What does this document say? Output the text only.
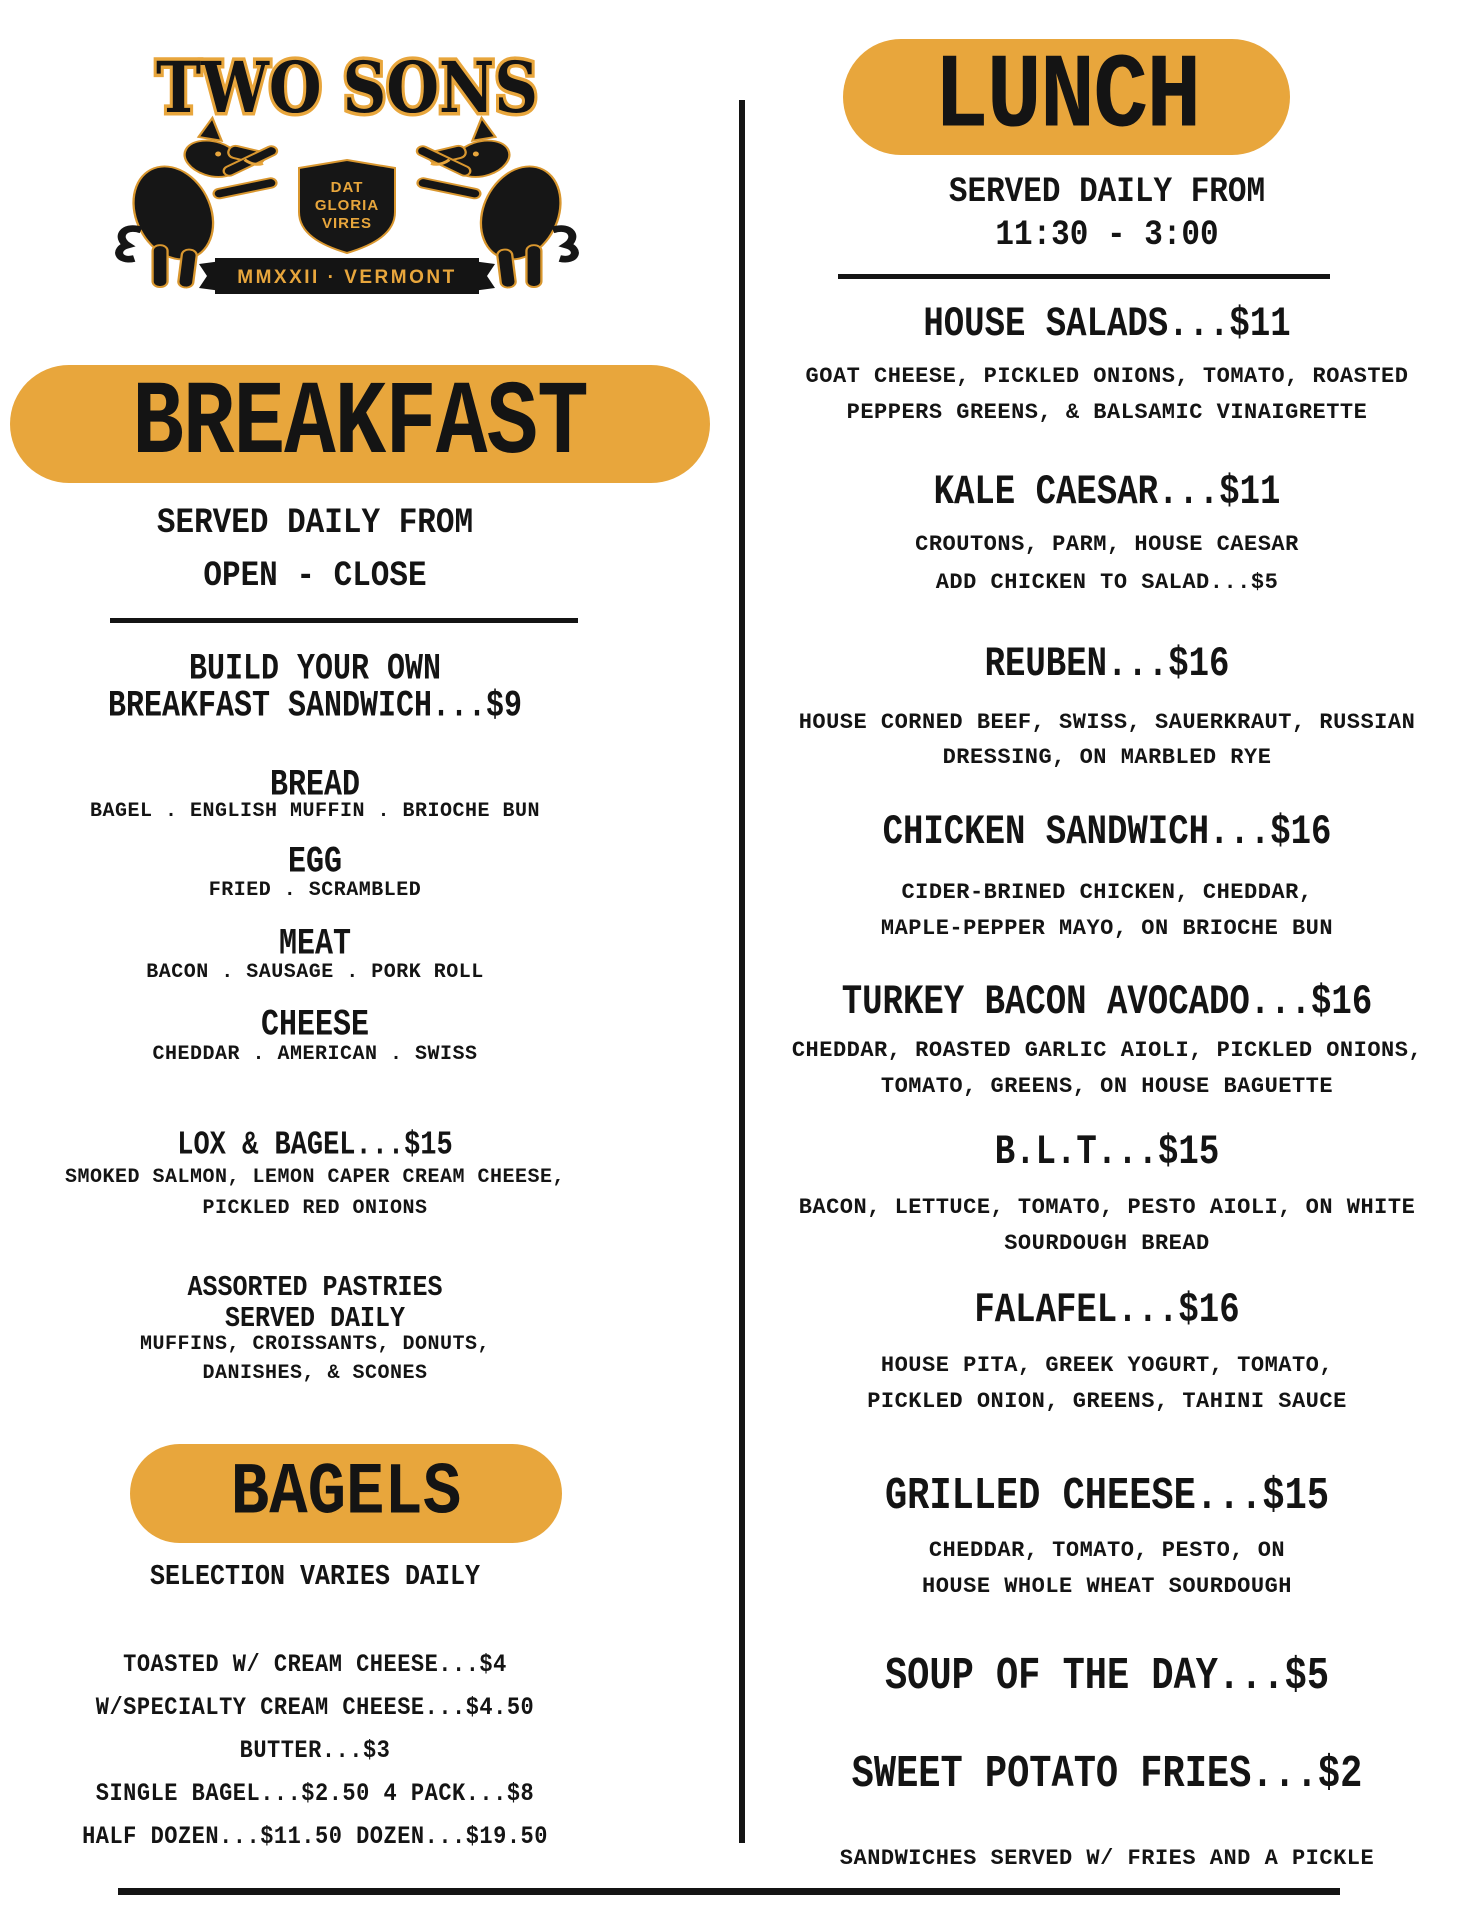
TWO SONS
DAT
GLORIA
VIRES
MMXXII · VERMONT
BREAKFAST
SERVED DAILY FROM
OPEN - CLOSE
BUILD YOUR OWN
BREAKFAST SANDWICH...$9
BREAD
BAGEL . ENGLISH MUFFIN . BRIOCHE BUN
EGG
FRIED . SCRAMBLED
MEAT
BACON . SAUSAGE . PORK ROLL
CHEESE
CHEDDAR . AMERICAN . SWISS
LOX & BAGEL...$15
SMOKED SALMON, LEMON CAPER CREAM CHEESE,
PICKLED RED ONIONS
ASSORTED PASTRIES
SERVED DAILY
MUFFINS, CROISSANTS, DONUTS,
DANISHES, & SCONES
BAGELS
SELECTION VARIES DAILY
TOASTED W/ CREAM CHEESE...$4
W/SPECIALTY CREAM CHEESE...$4.50
BUTTER...$3
SINGLE BAGEL...$2.50 4 PACK...$8
HALF DOZEN...$11.50 DOZEN...$19.50
LUNCH
SERVED DAILY FROM
11:30 - 3:00
HOUSE SALADS...$11
GOAT CHEESE, PICKLED ONIONS, TOMATO, ROASTED
PEPPERS GREENS, & BALSAMIC VINAIGRETTE
KALE CAESAR...$11
CROUTONS, PARM, HOUSE CAESAR
ADD CHICKEN TO SALAD...$5
REUBEN...$16
HOUSE CORNED BEEF, SWISS, SAUERKRAUT, RUSSIAN
DRESSING, ON MARBLED RYE
CHICKEN SANDWICH...$16
CIDER-BRINED CHICKEN, CHEDDAR,
MAPLE-PEPPER MAYO, ON BRIOCHE BUN
TURKEY BACON AVOCADO...$16
CHEDDAR, ROASTED GARLIC AIOLI, PICKLED ONIONS,
TOMATO, GREENS, ON HOUSE BAGUETTE
B.L.T...$15
BACON, LETTUCE, TOMATO, PESTO AIOLI, ON WHITE
SOURDOUGH BREAD
FALAFEL...$16
HOUSE PITA, GREEK YOGURT, TOMATO,
PICKLED ONION, GREENS, TAHINI SAUCE
GRILLED CHEESE...$15
CHEDDAR, TOMATO, PESTO, ON
HOUSE WHOLE WHEAT SOURDOUGH
SOUP OF THE DAY...$5
SWEET POTATO FRIES...$2
SANDWICHES SERVED W/ FRIES AND A PICKLE
